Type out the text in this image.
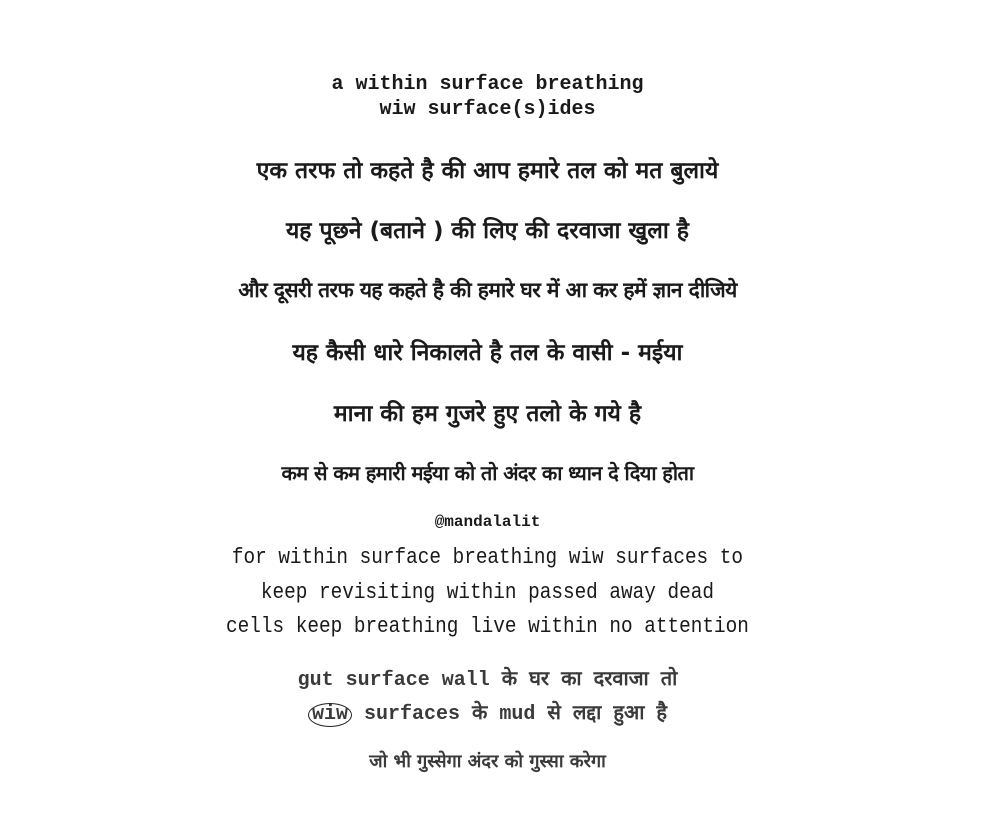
a within surface breathing

wiw surface(s)ides

एक तरफ तो कहते है की आप हमारे तल को मत बुलाये

यह पूछने (बताने ) की लिए की दरवाजा खुला है

और दूसरी तरफ यह कहते है की हमारे घर में आ कर हमें ज्ञान दीजिये

यह कैसी धारे निकालते है तल के वासी - मईया

माना की हम गुजरे हुए तलो के गये है

कम से कम हमारी मईया को तो अंदर का ध्यान दे दिया होता

@mandalalit

for within surface breathing wiw surfaces to

keep revisiting within passed away dead

cells keep breathing live within no attention

gut surface wall के घर का दरवाजा तो

wiw surfaces के mud से लद्दा हुआ है

जो भी गुस्सेगा अंदर को गुस्सा करेगा
